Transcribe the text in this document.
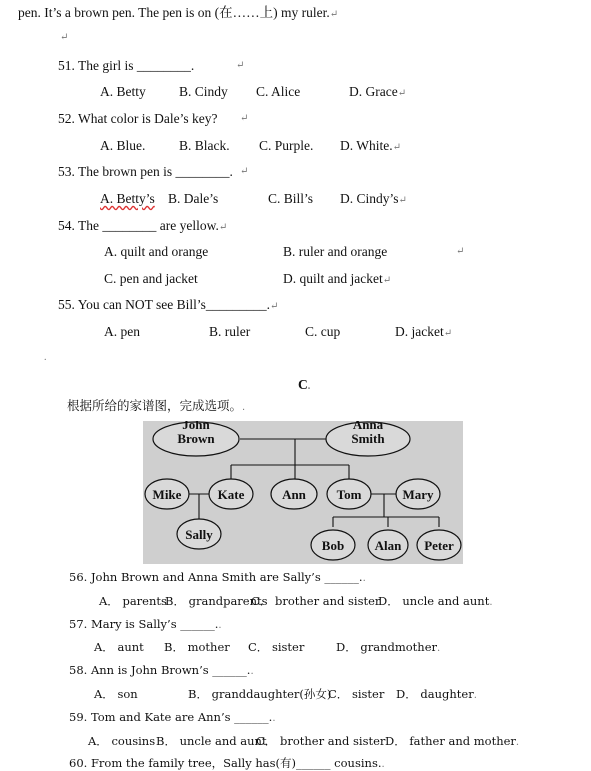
pen. It’s a brown pen. The pen is on (在……上) my ruler.↵
↵
51. The girl is ________.	↵
A. Betty B. Cindy C. Alice	D. Grace↵
52. What color is Dale’s key? ↵
A. Blue. B. Black. C. Purple. D. White.↵
53. The brown pen is ________. ↵
A. Betty’s B. Dale’s	C. Bill’s D. Cindy’s↵
54. The ________ are yellow.↵
A. quilt and orange	B. ruler and orange	↵
C. pen and jacket	D. quilt and jacket↵
55. You can NOT see Bill’s_________.↵
A. pen	B. ruler	C. cup	D. jacket↵
.
C.
根据所给的家谱图，完成选项。.
John Brown
Anna Smith
Mike	Kate	Ann Tom	Mary
Sally
Bob Alan Peter
56. John Brown and Anna Smith are Sally’s ______..
A． parents
B． grandparents
C． brother and sister
D． uncle and aunt.
57. Mary is Sally’s ______..
A． aunt B． mother C． sister	D． grandmother.
58. Ann is John Brown’s ______..
A． son	B． granddaughter(孙女)
C． sister D． daughter.
59. Tom and Kate are Ann’s ______..
A． cousins B． uncle and aunt
C． brother and sister D． father and mother.
60. From the family tree，Sally has(有)______ cousins..
